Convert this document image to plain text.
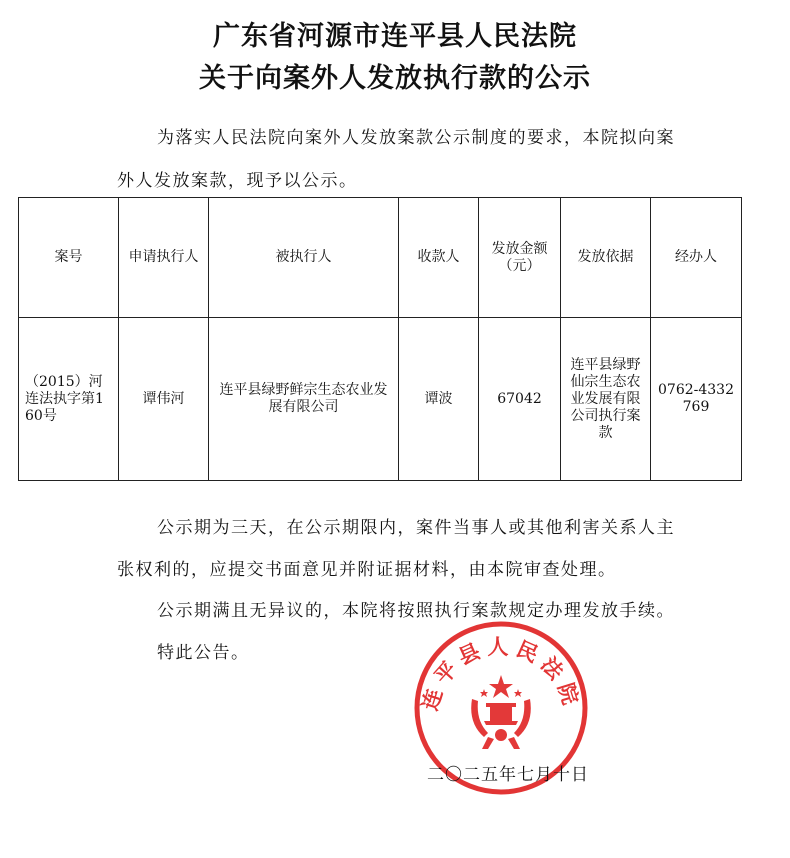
广东省河源市连平县人民法院
关于向案外人发放执行款的公示
为落实人民法院向案外人发放案款公示制度的要求，本院拟向案
外人发放案款，现予以公示。
案号	申请执行人	被执行人	收款人	发放金额（元）	发放依据	经办人
（2015）河连法执字第160号	谭伟河	连平县绿野鲜宗生态农业发展有限公司	谭波	67042	连平县绿野仙宗生态农业发展有限公司执行案款	0762-4332769
公示期为三天，在公示期限内，案件当事人或其他利害关系人主
张权利的，应提交书面意见并附证据材料，由本院审查处理。
公示期满且无异议的，本院将按照执行案款规定办理发放手续。
特此公告。
连平县人民法院
二〇二五年七月十日
